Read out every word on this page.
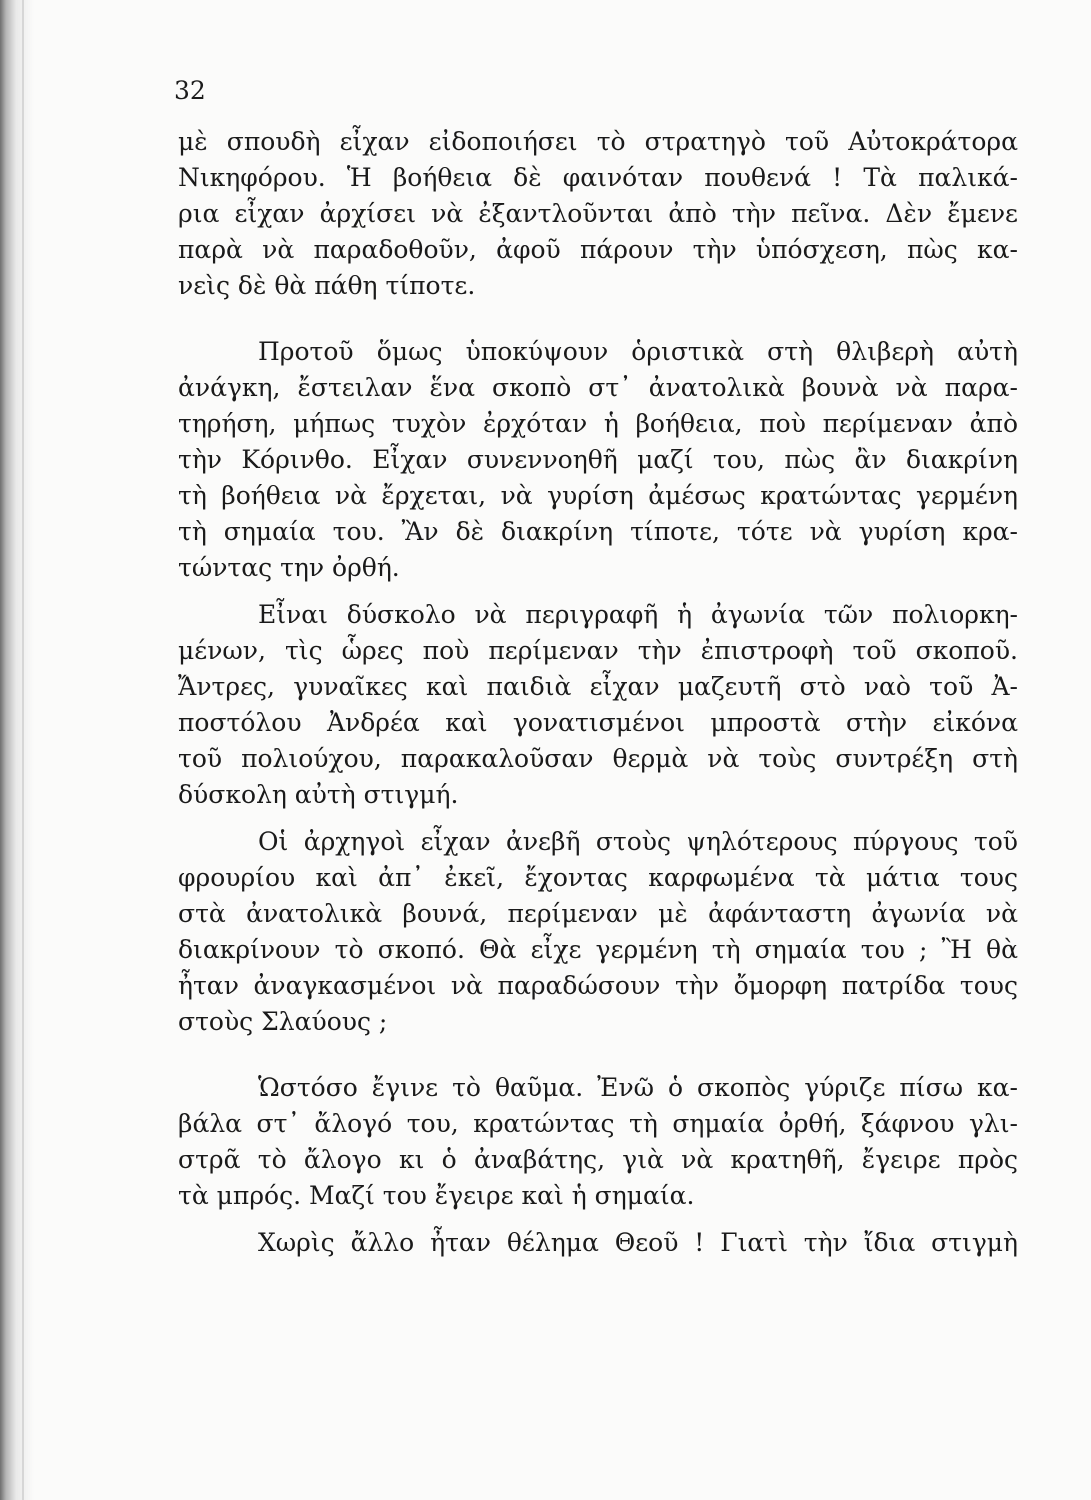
32
μὲ σπουδὴ εἶχαν εἰδοποιήσει τὸ στρατηγὸ τοῦ Αὐτοκράτορα
Νικηφόρου. Ἡ βοήθεια δὲ φαινόταν πουθενά ! Τὰ παλικά-
ρια εἶχαν ἀρχίσει νὰ ἐξαντλοῦνται ἀπὸ τὴν πεῖνα. Δὲν ἔμενε
παρὰ νὰ παραδοθοῦν, ἀφοῦ πάρουν τὴν ὑπόσχεση, πὼς κα-
νεὶς δὲ θὰ πάθη τίποτε.
Προτοῦ ὅμως ὑποκύψουν ὁριστικὰ στὴ θλιβερὴ αὐτὴ
ἀνάγκη, ἔστειλαν ἕνα σκοπὸ στ᾽ ἀνατολικὰ βουνὰ νὰ παρα-
τηρήση, μήπως τυχὸν ἐρχόταν ἡ βοήθεια, ποὺ περίμεναν ἀπὸ
τὴν Κόρινθο. Εἶχαν συνεννοηθῆ μαζί του, πὼς ἂν διακρίνη
τὴ βοήθεια νὰ ἔρχεται, νὰ γυρίση ἀμέσως κρατώντας γερμένη
τὴ σημαία του. Ἂν δὲ διακρίνη τίποτε, τότε νὰ γυρίση κρα-
τώντας την ὀρθή.
Εἶναι δύσκολο νὰ περιγραφῆ ἡ ἀγωνία τῶν πολιορκη-
μένων, τὶς ὧρες ποὺ περίμεναν τὴν ἐπιστροφὴ τοῦ σκοποῦ.
Ἄντρες, γυναῖκες καὶ παιδιὰ εἶχαν μαζευτῆ στὸ ναὸ τοῦ Ἀ-
ποστόλου Ἀνδρέα καὶ γονατισμένοι μπροστὰ στὴν εἰκόνα
τοῦ πολιούχου, παρακαλοῦσαν θερμὰ νὰ τοὺς συντρέξη στὴ
δύσκολη αὐτὴ στιγμή.
Οἱ ἀρχηγοὶ εἶχαν ἀνεβῆ στοὺς ψηλότερους πύργους τοῦ
φρουρίου καὶ ἀπ᾽ ἐκεῖ, ἔχοντας καρφωμένα τὰ μάτια τους
στὰ ἀνατολικὰ βουνά, περίμεναν μὲ ἀφάνταστη ἀγωνία νὰ
διακρίνουν τὸ σκοπό. Θὰ εἶχε γερμένη τὴ σημαία του ; Ἢ θὰ
ἦταν ἀναγκασμένοι νὰ παραδώσουν τὴν ὄμορφη πατρίδα τους
στοὺς Σλαύους ;
Ὡστόσο ἔγινε τὸ θαῦμα. Ἐνῶ ὁ σκοπὸς γύριζε πίσω κα-
βάλα στ᾽ ἄλογό του, κρατώντας τὴ σημαία ὀρθή, ξάφνου γλι-
στρᾶ τὸ ἄλογο κι ὁ ἀναβάτης, γιὰ νὰ κρατηθῆ, ἔγειρε πρὸς
τὰ μπρός. Μαζί του ἔγειρε καὶ ἡ σημαία.
Χωρὶς ἄλλο ἦταν θέλημα Θεοῦ ! Γιατὶ τὴν ἴδια στιγμὴ
